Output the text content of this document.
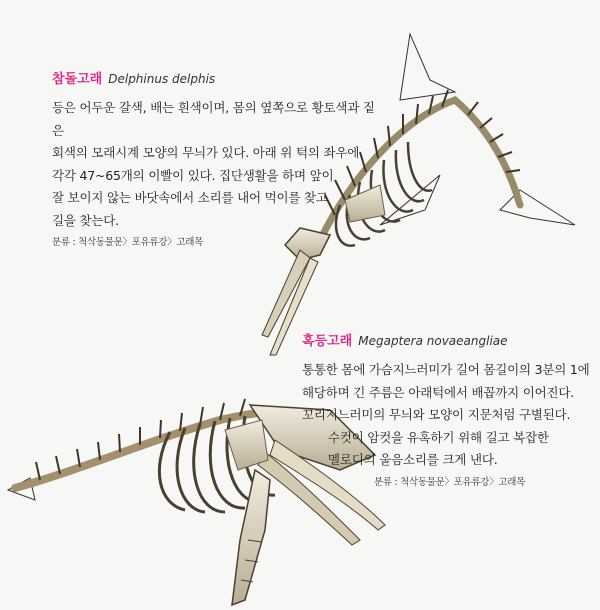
참돌고래 Delphinus delphis

등은 어두운 갈색, 배는 흰색이며, 몸의 옆쪽으로 황토색과 짙은

회색의 모래시계 모양의 무늬가 있다. 아래 위 턱의 좌우에

각각 47~65개의 이빨이 있다. 집단생활을 하며 앞이

잘 보이지 않는 바닷속에서 소리를 내어 먹이를 찾고

길을 찾는다.

분류 : 척삭동물문〉포유류강〉고래목
혹등고래 Megaptera novaeangliae

통통한 몸에 가슴지느러미가 길어 몸길이의 3분의 1에

해당하며 긴 주름은 아래턱에서 배꼽까지 이어진다.

꼬리지느러미의 무늬와 모양이 지문처럼 구별된다.

수컷이 암컷을 유혹하기 위해 길고 복잡한

멜로디의 울음소리를 크게 낸다.

분류 : 척삭동물문〉포유류강〉고래목
